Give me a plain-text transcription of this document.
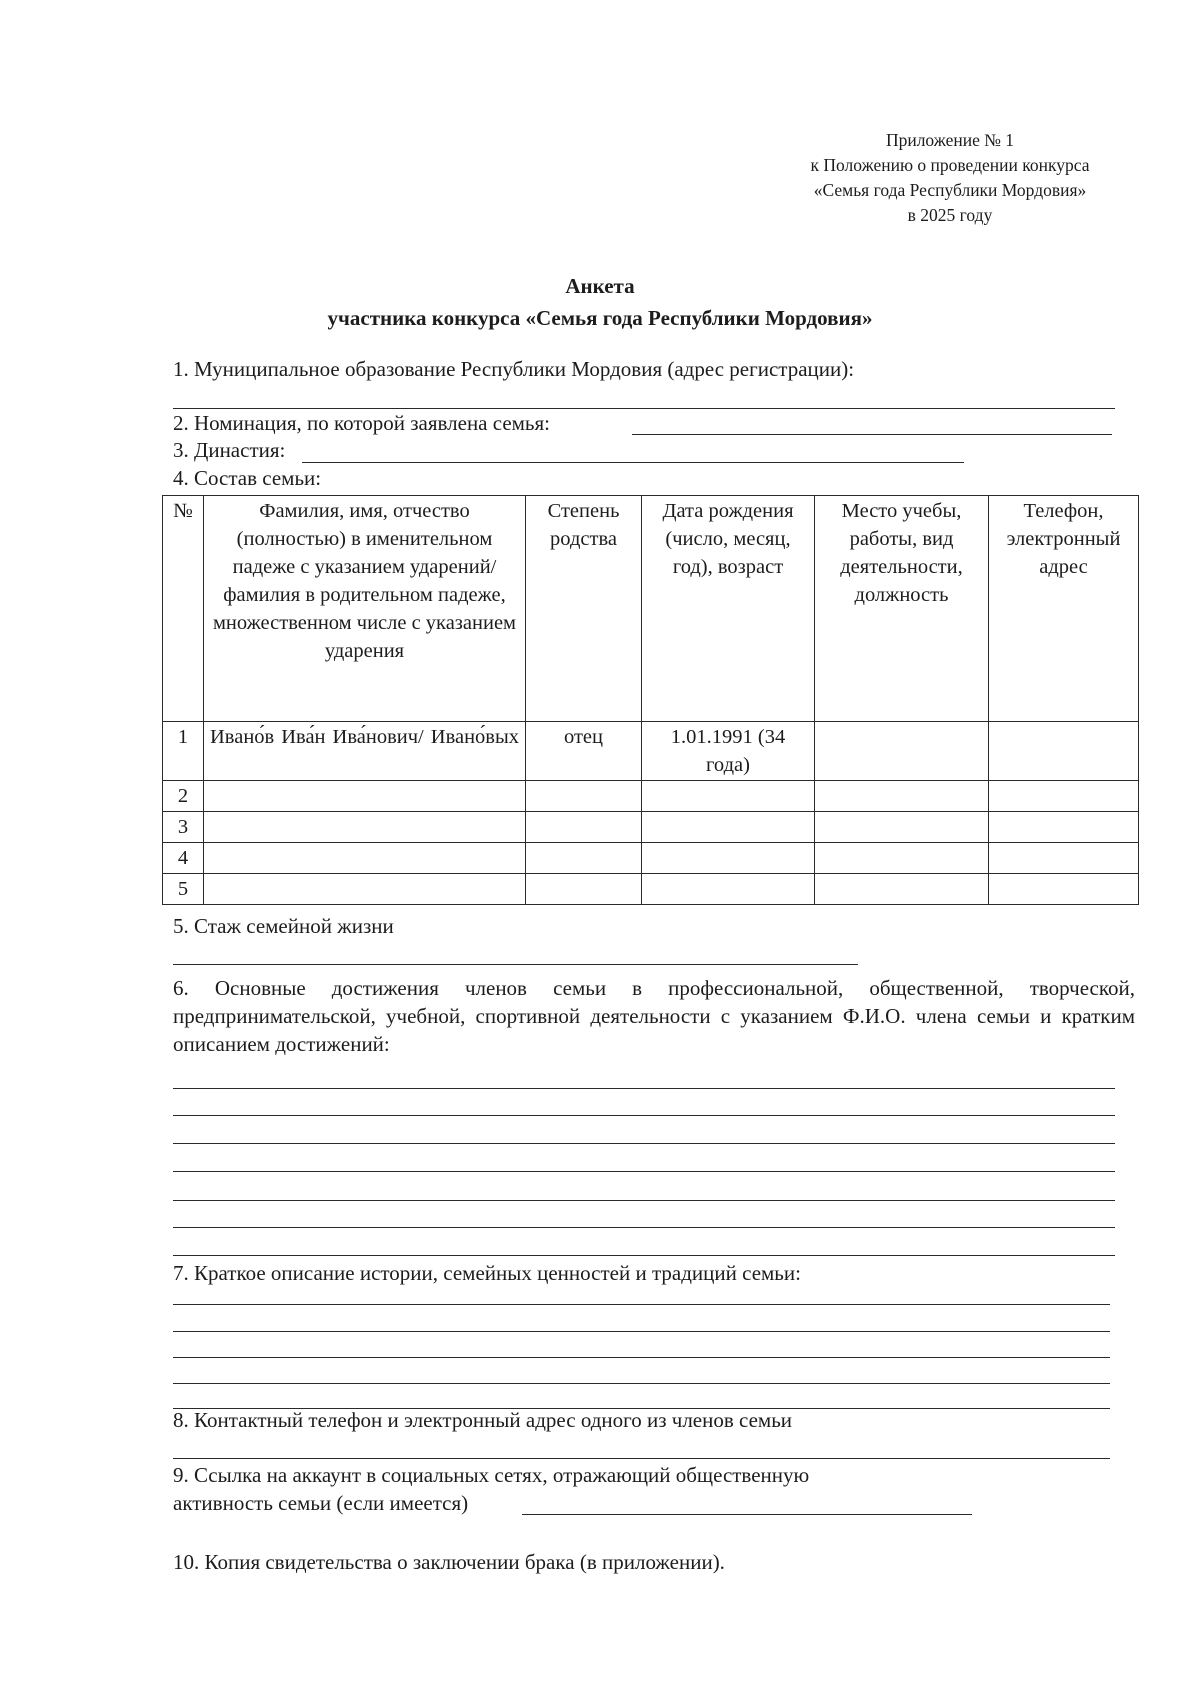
Приложение № 1
к Положению о проведении конкурса
«Семья года Республики Мордовия»
в 2025 году
Анкета
участника конкурса «Семья года Республики Мордовия»
1. Муниципальное образование Республики Мордовия (адрес регистрации):
2. Номинация, по которой заявлена семья:
3. Династия:
4. Состав семьи:
№	Фамилия, имя, отчество (полностью) в именительном падеже с указанием ударений/фамилия в родительном падеже, множественном числе с указанием ударения	Степень родства	Дата рождения (число, месяц, год), возраст	Место учебы, работы, вид деятельности, должность	Телефон, электронный адрес
1	Ивано́в Ива́н Ива́нович/ Ивано́вых	отец	1.01.1991 (34 года)		
2					
3					
4					
5					
5. Стаж семейной жизни
6. Основные достижения членов семьи в профессиональной, общественной, творческой, предпринимательской, учебной, спортивной деятельности с указанием Ф.И.О. члена семьи и кратким описанием достижений:
7. Краткое описание истории, семейных ценностей и традиций семьи:
8. Контактный телефон и электронный адрес одного из членов семьи
9. Ссылка на аккаунт в социальных сетях, отражающий общественную
активность семьи (если имеется)
10. Копия свидетельства о заключении брака (в приложении).
